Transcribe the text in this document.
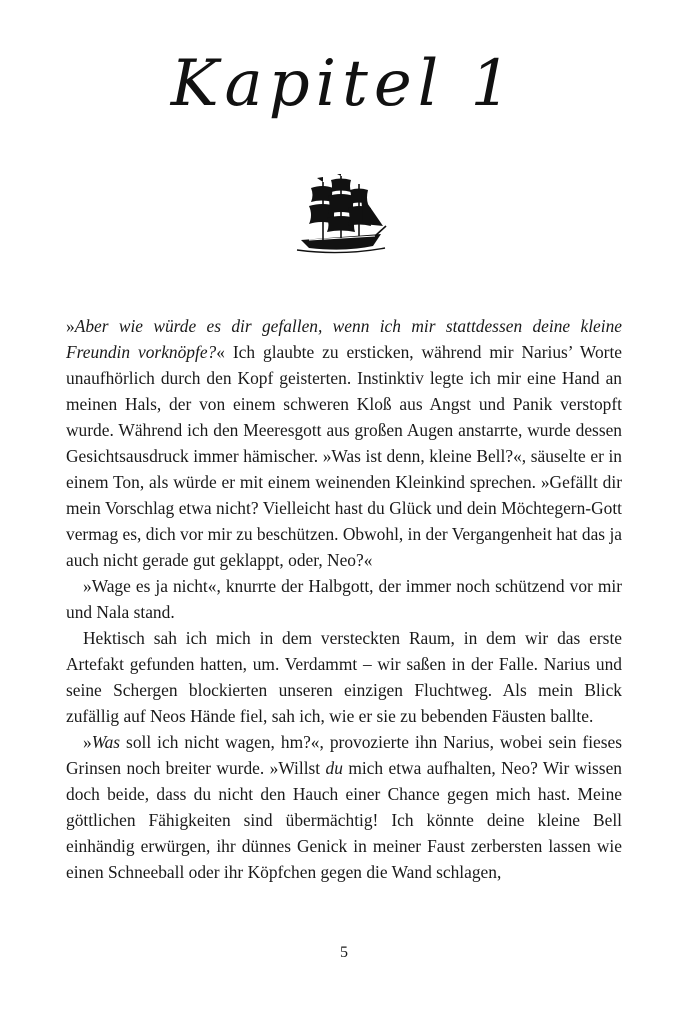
Kapitel 1

»Aber wie würde es dir gefallen, wenn ich mir stattdessen deine kleine Freundin vorknöpfe?« Ich glaubte zu ersticken, während mir Narius’ Worte unaufhörlich durch den Kopf geisterten. Instinktiv legte ich mir eine Hand an meinen Hals, der von einem schweren Kloß aus Angst und Panik verstopft wurde. Während ich den Meeresgott aus großen Augen anstarrte, wurde dessen Gesichtsausdruck immer hämischer. »Was ist denn, kleine Bell?«, säuselte er in einem Ton, als würde er mit einem weinenden Kleinkind sprechen. »Gefällt dir mein Vorschlag etwa nicht? Vielleicht hast du Glück und dein Möchtegern-Gott vermag es, dich vor mir zu beschützen. Obwohl, in der Vergangenheit hat das ja auch nicht gerade gut geklappt, oder, Neo?«

»Wage es ja nicht«, knurrte der Halbgott, der immer noch schützend vor mir und Nala stand.

Hektisch sah ich mich in dem versteckten Raum, in dem wir das erste Artefakt gefunden hatten, um. Verdammt – wir saßen in der Falle. Narius und seine Schergen blockierten unseren einzigen Fluchtweg. Als mein Blick zufällig auf Neos Hände fiel, sah ich, wie er sie zu bebenden Fäusten ballte.

»Was soll ich nicht wagen, hm?«, provozierte ihn Narius, wobei sein fieses Grinsen noch breiter wurde. »Willst du mich etwa aufhalten, Neo? Wir wissen doch beide, dass du nicht den Hauch einer Chance gegen mich hast. Meine göttlichen Fähigkeiten sind übermächtig! Ich könnte deine kleine Bell einhändig erwürgen, ihr dünnes Genick in meiner Faust zerbersten lassen wie einen Schneeball oder ihr Köpfchen gegen die Wand schlagen,

5
